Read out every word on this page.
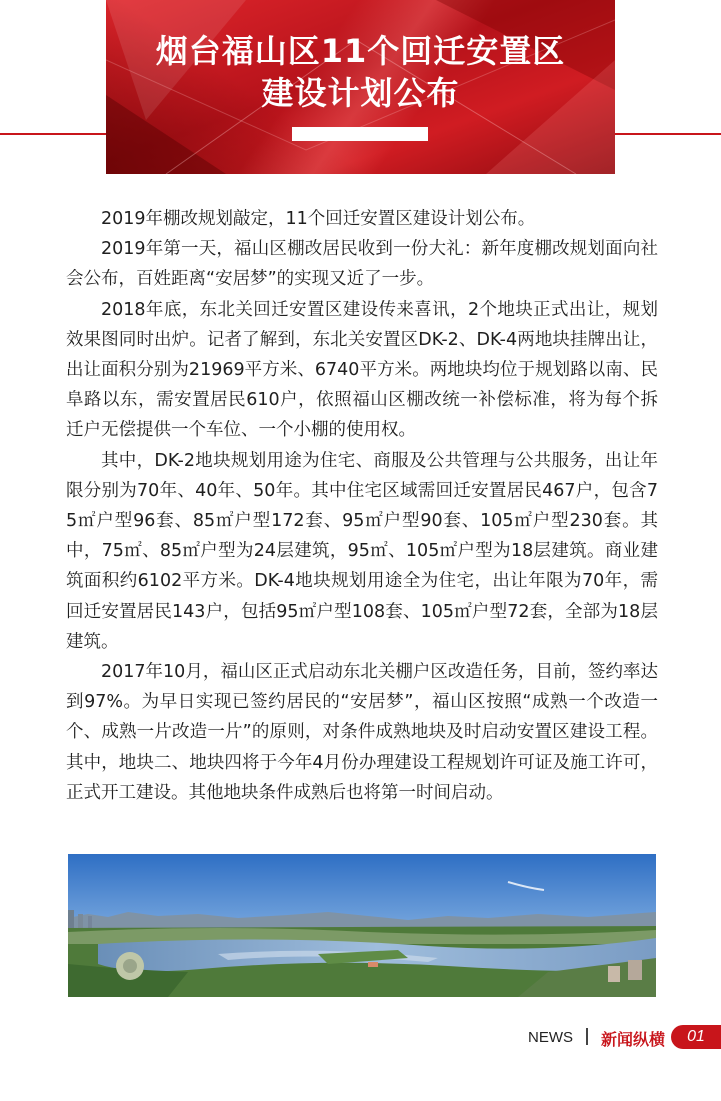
烟台福山区11个回迁安置区
建设计划公布

2019年棚改规划敲定，11个回迁安置区建设计划公布。

2019年第一天，福山区棚改居民收到一份大礼：新年度棚改规划面向社会公布，百姓距离“安居梦”的实现又近了一步。

2018年底，东北关回迁安置区建设传来喜讯，2个地块正式出让，规划效果图同时出炉。记者了解到，东北关安置区DK-2、DK-4两地块挂牌出让，出让面积分别为21969平方米、6740平方米。两地块均位于规划路以南、民阜路以东，需安置居民610户，依照福山区棚改统一补偿标准，将为每个拆迁户无偿提供一个车位、一个小棚的使用权。

其中，DK-2地块规划用途为住宅、商服及公共管理与公共服务，出让年限分别为70年、40年、50年。其中住宅区域需回迁安置居民467户，包含75㎡户型96套、85㎡户型172套、95㎡户型90套、105㎡户型230套。其中，75㎡、85㎡户型为24层建筑，95㎡、105㎡户型为18层建筑。商业建筑面积约6102平方米。DK-4地块规划用途全为住宅，出让年限为70年，需回迁安置居民143户，包括95㎡户型108套、105㎡户型72套，全部为18层建筑。

2017年10月，福山区正式启动东北关棚户区改造任务，目前，签约率达到97%。为早日实现已签约居民的“安居梦”，福山区按照“成熟一个改造一个、成熟一片改造一片”的原则，对条件成熟地块及时启动安置区建设工程。其中，地块二、地块四将于今年4月份办理建设工程规划许可证及施工许可，正式开工建设。其他地块条件成熟后也将第一时间启动。

NEWS 新闻纵横	01
